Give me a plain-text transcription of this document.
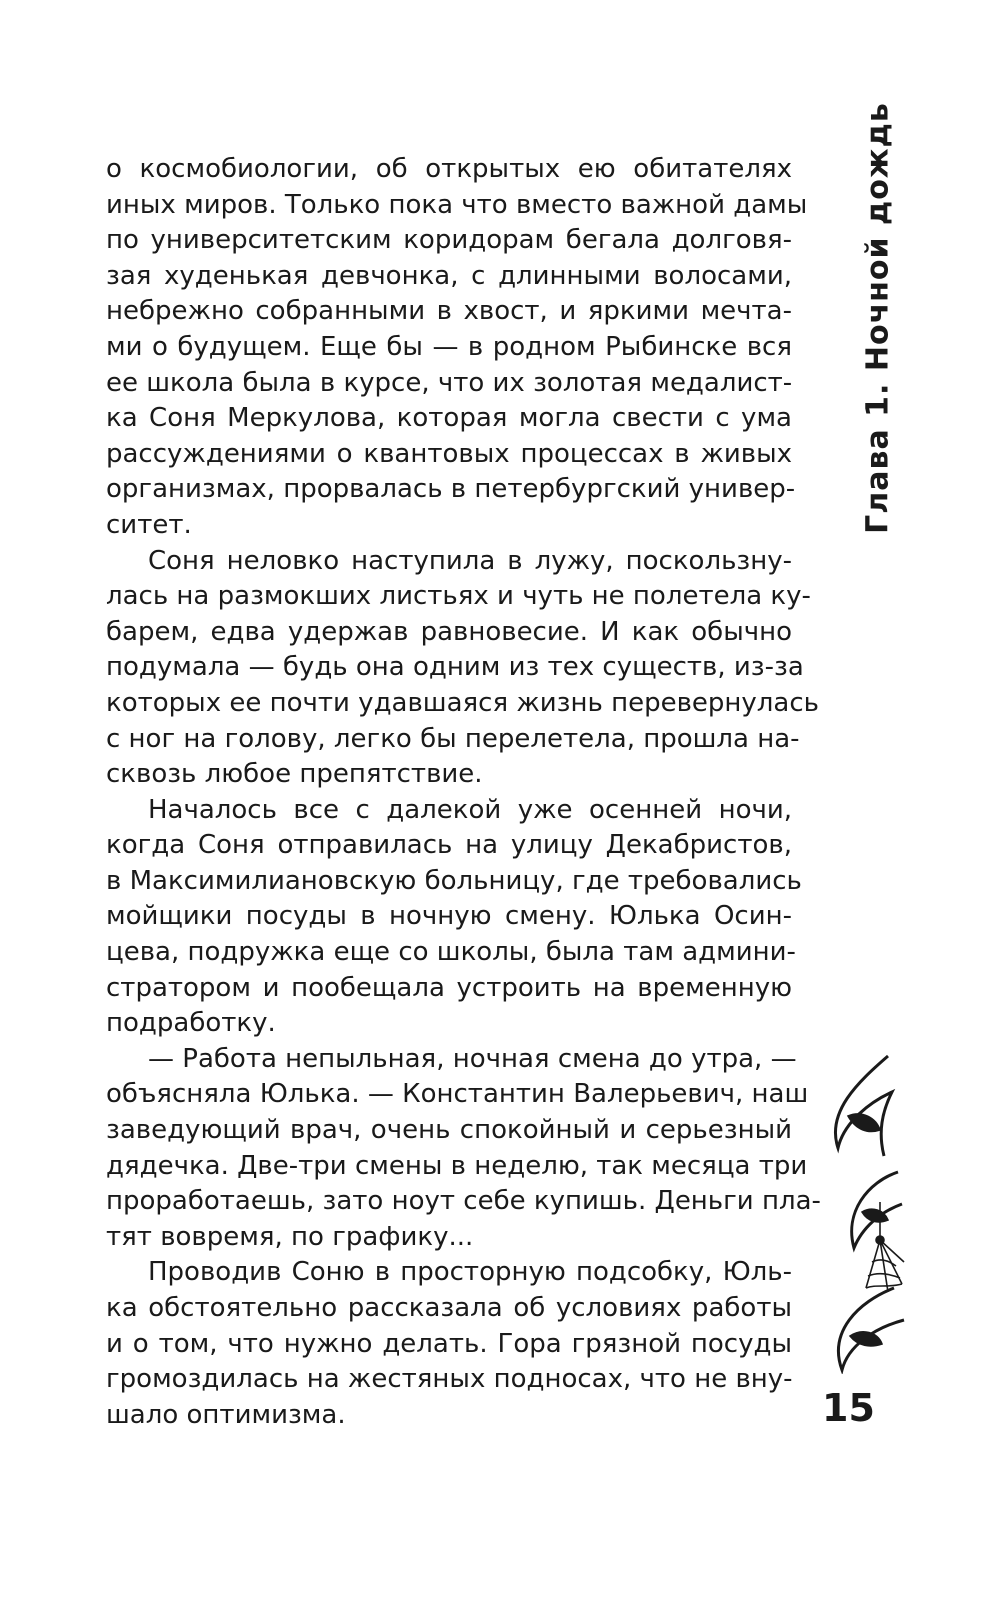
о космобиологии, об открытых ею обитателях
иных миров. Только пока что вместо важной дамы
по университетским коридорам бегала долговя-
зая худенькая девчонка, с длинными волосами,
небрежно собранными в хвост, и яркими мечта-
ми о будущем. Еще бы — в родном Рыбинске вся
ее школа была в курсе, что их золотая медалист-
ка Соня Меркулова, которая могла свести с ума
рассуждениями о квантовых процессах в живых
организмах, прорвалась в петербургский универ-
ситет.
Соня неловко наступила в лужу, поскользну-
лась на размокших листьях и чуть не полетела ку-
барем, едва удержав равновесие. И как обычно
подумала — будь она одним из тех существ, из-за
которых ее почти удавшаяся жизнь перевернулась
с ног на голову, легко бы перелетела, прошла на-
сквозь любое препятствие.
Началось все с далекой уже осенней ночи,
когда Соня отправилась на улицу Декабристов,
в Максимилиановскую больницу, где требовались
мойщики посуды в ночную смену. Юлька Осин-
цева, подружка еще со школы, была там админи-
стратором и пообещала устроить на временную
подработку.
— Работа непыльная, ночная смена до утра, —
объясняла Юлька. — Константин Валерьевич, наш
заведующий врач, очень спокойный и серьезный
дядечка. Две-три смены в неделю, так месяца три
проработаешь, зато ноут себе купишь. Деньги пла-
тят вовремя, по графику...
Проводив Соню в просторную подсобку, Юль-
ка обстоятельно рассказала об условиях работы
и о том, что нужно делать. Гора грязной посуды
громоздилась на жестяных подносах, что не вну-
шало оптимизма.
Глава 1. Ночной дождь
15
